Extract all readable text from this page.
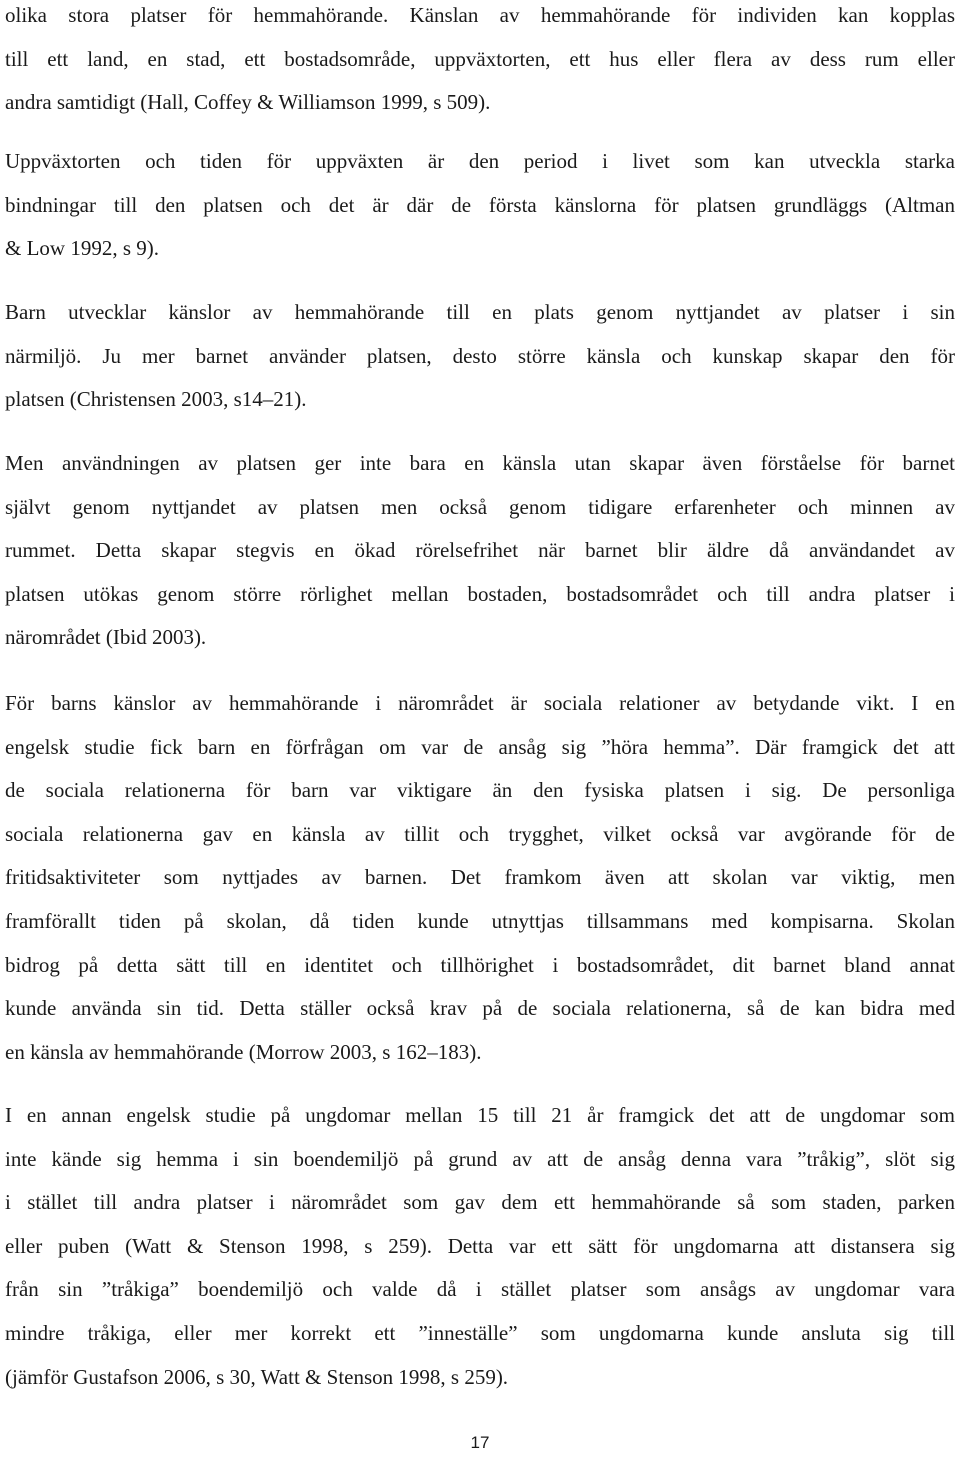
olika stora platser för hemmahörande. Känslan av hemmahörande för individen kan kopplas
till ett land, en stad, ett bostadsområde, uppväxtorten, ett hus eller flera av dess rum eller
andra samtidigt (Hall, Coffey & Williamson 1999, s 509).

Uppväxtorten och tiden för uppväxten är den period i livet som kan utveckla starka
bindningar till den platsen och det är där de första känslorna för platsen grundläggs (Altman
& Low 1992, s 9).

Barn utvecklar känslor av hemmahörande till en plats genom nyttjandet av platser i sin
närmiljö. Ju mer barnet använder platsen, desto större känsla och kunskap skapar den för
platsen (Christensen 2003, s14–21).

Men användningen av platsen ger inte bara en känsla utan skapar även förståelse för barnet
självt genom nyttjandet av platsen men också genom tidigare erfarenheter och minnen av
rummet. Detta skapar stegvis en ökad rörelsefrihet när barnet blir äldre då användandet av
platsen utökas genom större rörlighet mellan bostaden, bostadsområdet och till andra platser i
närområdet (Ibid 2003).

För barns känslor av hemmahörande i närområdet är sociala relationer av betydande vikt. I en
engelsk studie fick barn en förfrågan om var de ansåg sig ”höra hemma”. Där framgick det att
de sociala relationerna för barn var viktigare än den fysiska platsen i sig. De personliga
sociala relationerna gav en känsla av tillit och trygghet, vilket också var avgörande för de
fritidsaktiviteter som nyttjades av barnen. Det framkom även att skolan var viktig, men
framförallt tiden på skolan, då tiden kunde utnyttjas tillsammans med kompisarna. Skolan
bidrog på detta sätt till en identitet och tillhörighet i bostadsområdet, dit barnet bland annat
kunde använda sin tid. Detta ställer också krav på de sociala relationerna, så de kan bidra med
en känsla av hemmahörande (Morrow 2003, s 162–183).

I en annan engelsk studie på ungdomar mellan 15 till 21 år framgick det att de ungdomar som
inte kände sig hemma i sin boendemiljö på grund av att de ansåg denna vara ”tråkig”, slöt sig
i stället till andra platser i närområdet som gav dem ett hemmahörande så som staden, parken
eller puben (Watt & Stenson 1998, s 259). Detta var ett sätt för ungdomarna att distansera sig
från sin ”tråkiga” boendemiljö och valde då i stället platser som ansågs av ungdomar vara
mindre tråkiga, eller mer korrekt ett ”inneställe” som ungdomarna kunde ansluta sig till
(jämför Gustafson 2006, s 30, Watt & Stenson 1998, s 259).

17
